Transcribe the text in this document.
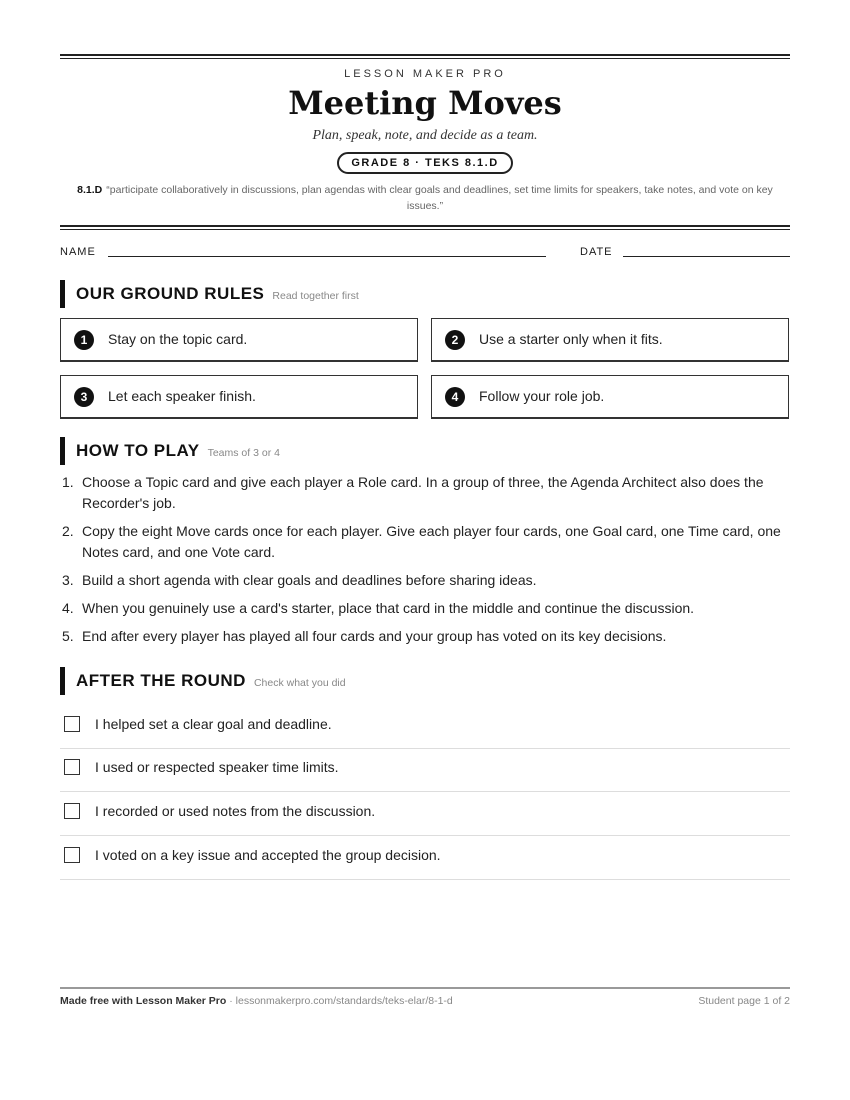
LESSON MAKER PRO
Meeting Moves
Plan, speak, note, and decide as a team.
GRADE 8 · TEKS 8.1.D
8.1.D “participate collaboratively in discussions, plan agendas with clear goals and deadlines, set time limits for speakers, take notes, and vote on key issues.”
NAME	DATE
OUR GROUND RULES Read together first
1	Stay on the topic card.	2	Use a starter only when it fits.
3	Let each speaker finish.	4	Follow your role job.
HOW TO PLAY Teams of 3 or 4
1. Choose a Topic card and give each player a Role card. In a group of three, the Agenda Architect also does the Recorder's job.
2. Copy the eight Move cards once for each player. Give each player four cards, one Goal card, one Time card, one Notes card, and one Vote card.
3. Build a short agenda with clear goals and deadlines before sharing ideas.
4. When you genuinely use a card's starter, place that card in the middle and continue the discussion.
5. End after every player has played all four cards and your group has voted on its key decisions.
AFTER THE ROUND Check what you did
I helped set a clear goal and deadline.
I used or respected speaker time limits.
I recorded or used notes from the discussion.
I voted on a key issue and accepted the group decision.
Made free with Lesson Maker Pro · lessonmakerpro.com/standards/teks-elar/8-1-d	Student page 1 of 2
